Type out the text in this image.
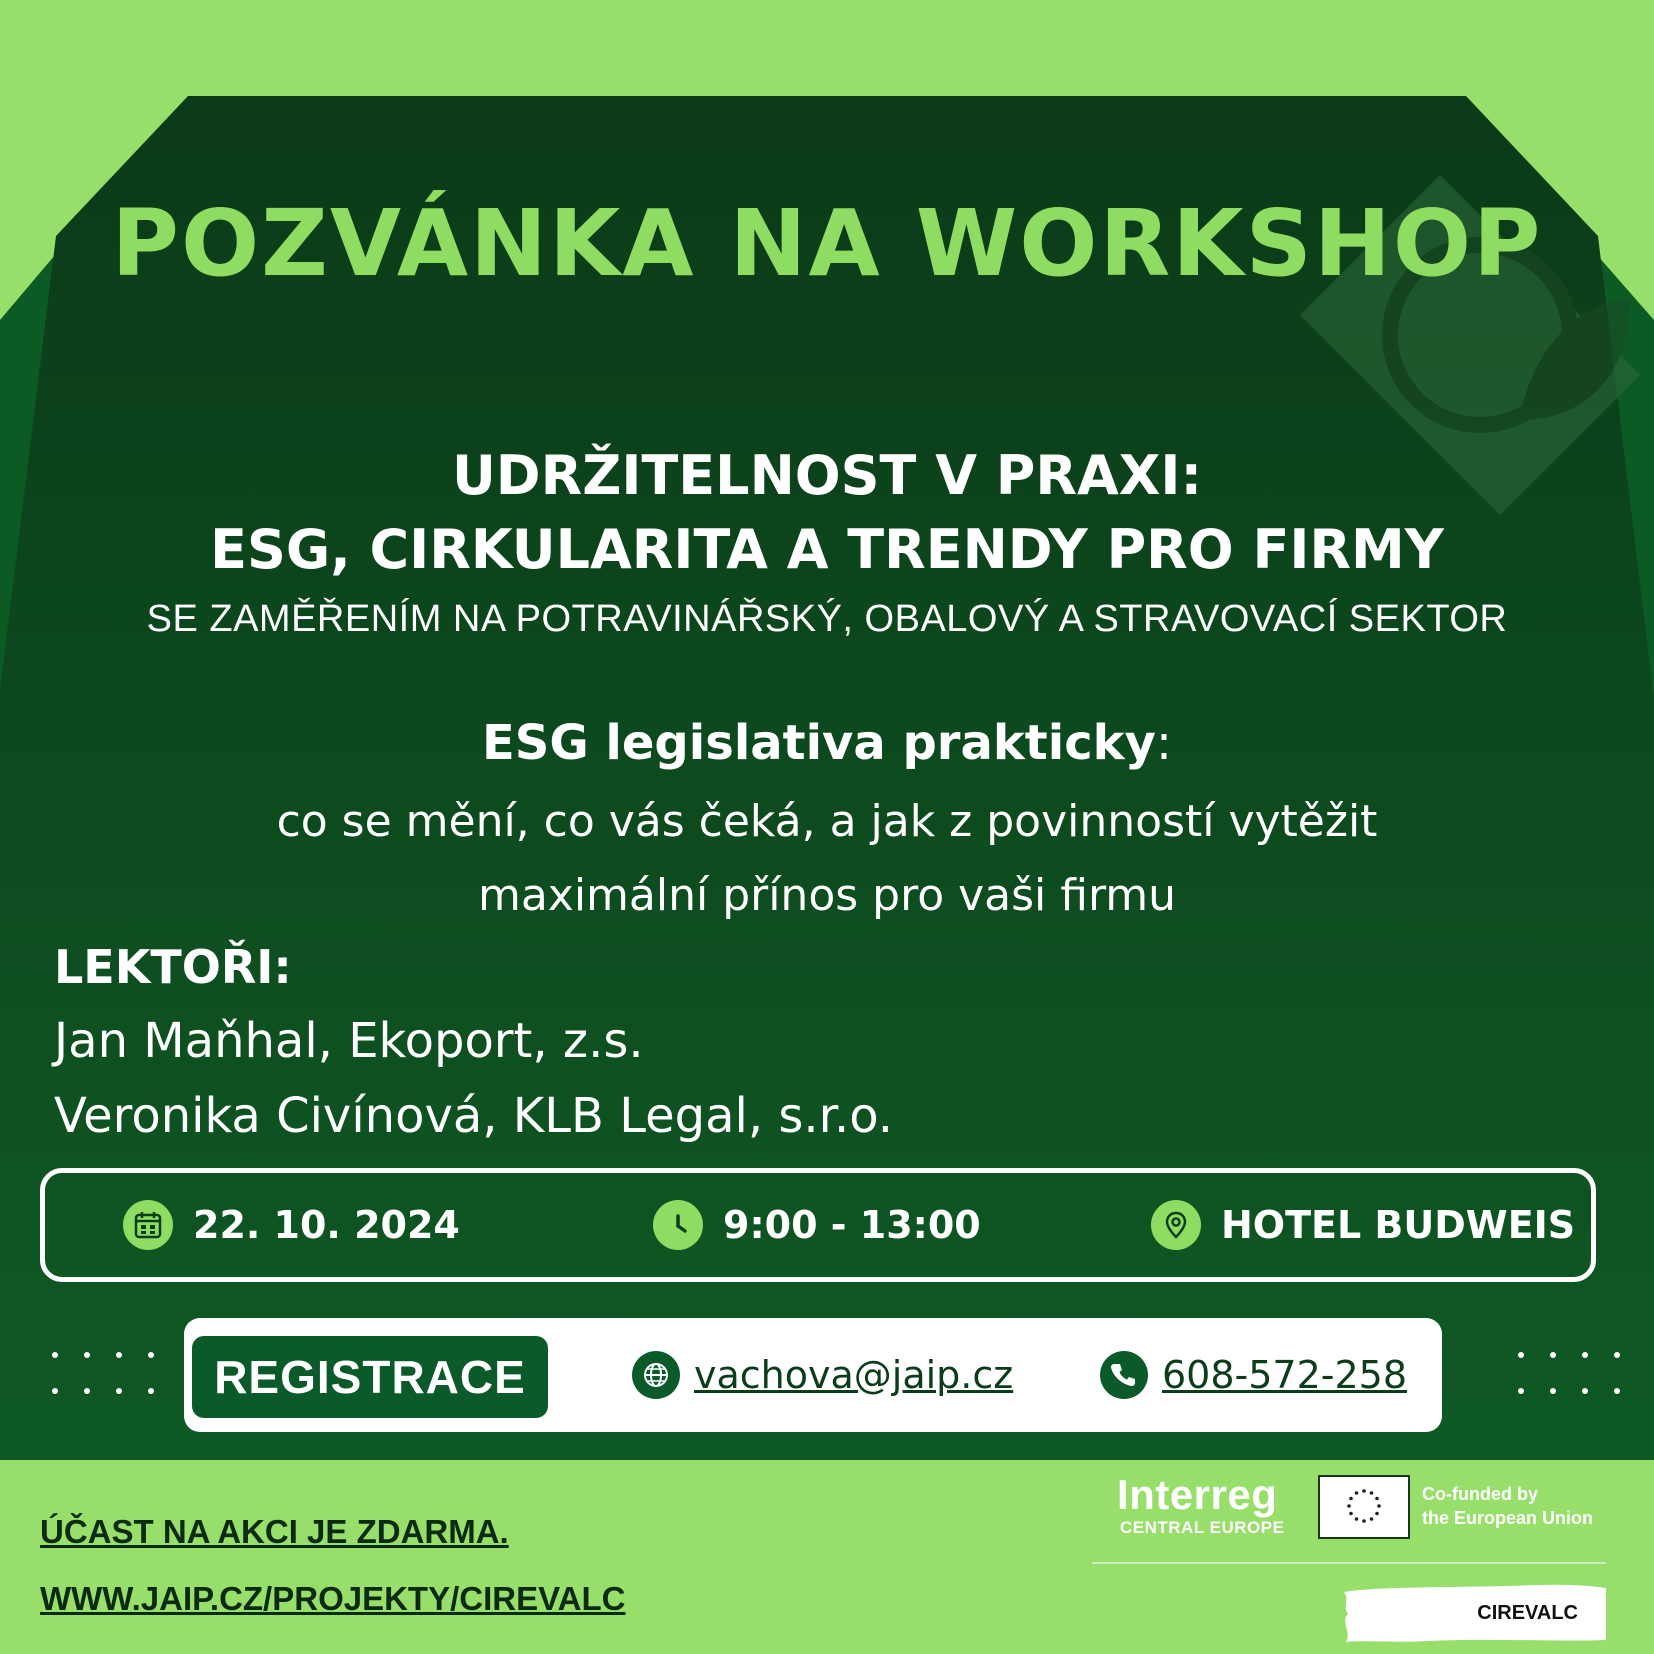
POZVÁNKA NA WORKSHOP
UDRŽITELNOST V PRAXI:
ESG, CIRKULARITA A TRENDY PRO FIRMY
SE ZAMĚŘENÍM NA POTRAVINÁŘSKÝ, OBALOVÝ A STRAVOVACÍ SEKTOR
ESG legislativa prakticky:
co se mění, co vás čeká, a jak z povinností vytěžit
maximální přínos pro vaši firmu
LEKTOŘI:
Jan Maňhal, Ekoport, z.s.
Veronika Civínová, KLB Legal, s.r.o.
22. 10. 2024	9:00 - 13:00	HOTEL BUDWEIS
REGISTRACE	vachova@jaip.cz	608-572-258
ÚČAST NA AKCI JE ZDARMA.
WWW.JAIP.CZ/PROJEKTY/CIREVALC
Interreg
CENTRAL EUROPE
Co-funded by
the European Union
CIREVALC
